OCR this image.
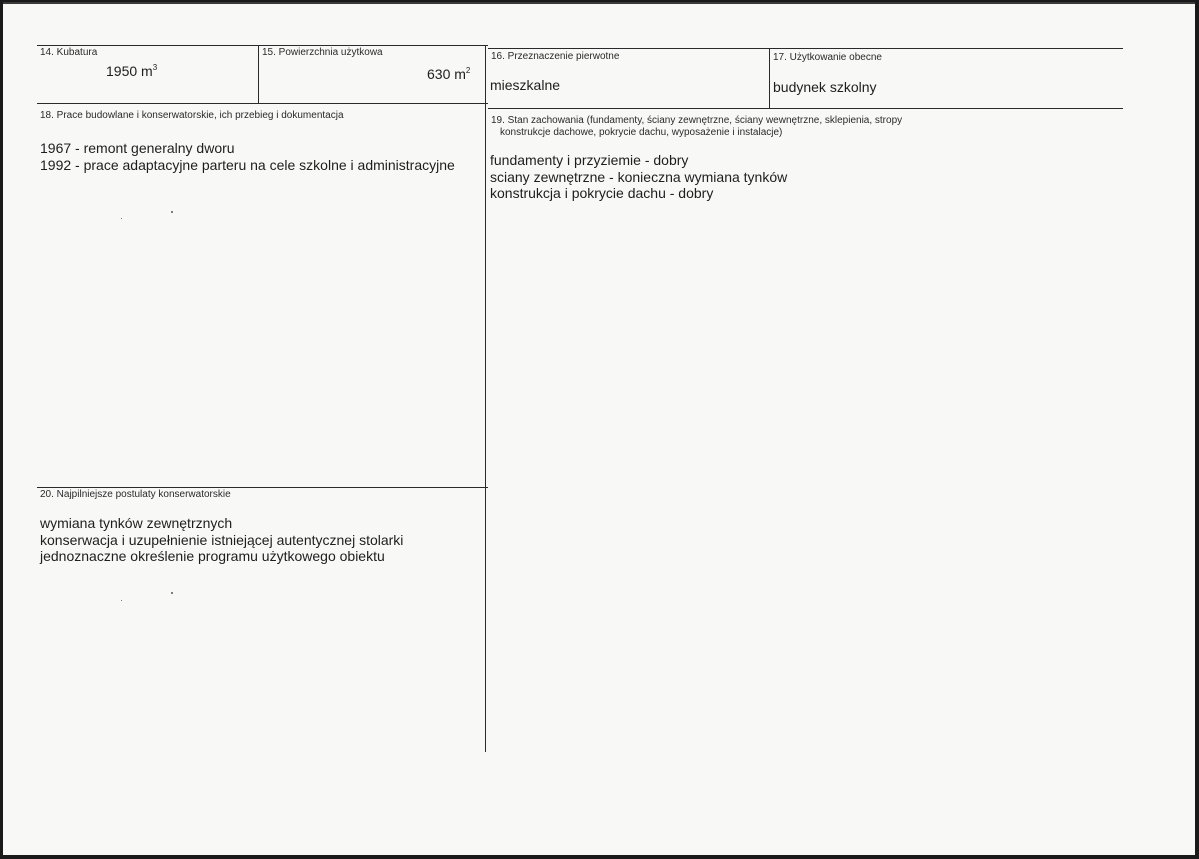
14. Kubatura
1950 $m^3$
15. Powierzchnia użytkowa
630 $m^2$
16. Przeznaczenie pierwotne
mieszkalne
17. Użytkowanie obecne
budynek szkolny
18. Prace budowlane i konserwatorskie, ich przebieg i dokumentacja
1967 - remont generalny dworu
1992 - prace adaptacyjne parteru na cele szkolne i administracyjne
19. Stan zachowania (fundamenty, ściany zewnętrzne, ściany wewnętrzne, sklepienia, stropy
konstrukcje dachowe, pokrycie dachu, wyposażenie i instalacje)
fundamenty i przyziemie - dobry
sciany zewnętrzne - konieczna wymiana tynków
konstrukcja i pokrycie dachu - dobry
20. Najpilniejsze postulaty konserwatorskie
wymiana tynków zewnętrznych
konserwacja i uzupełnienie istniejącej autentycznej stolarki
jednoznaczne określenie programu użytkowego obiektu
